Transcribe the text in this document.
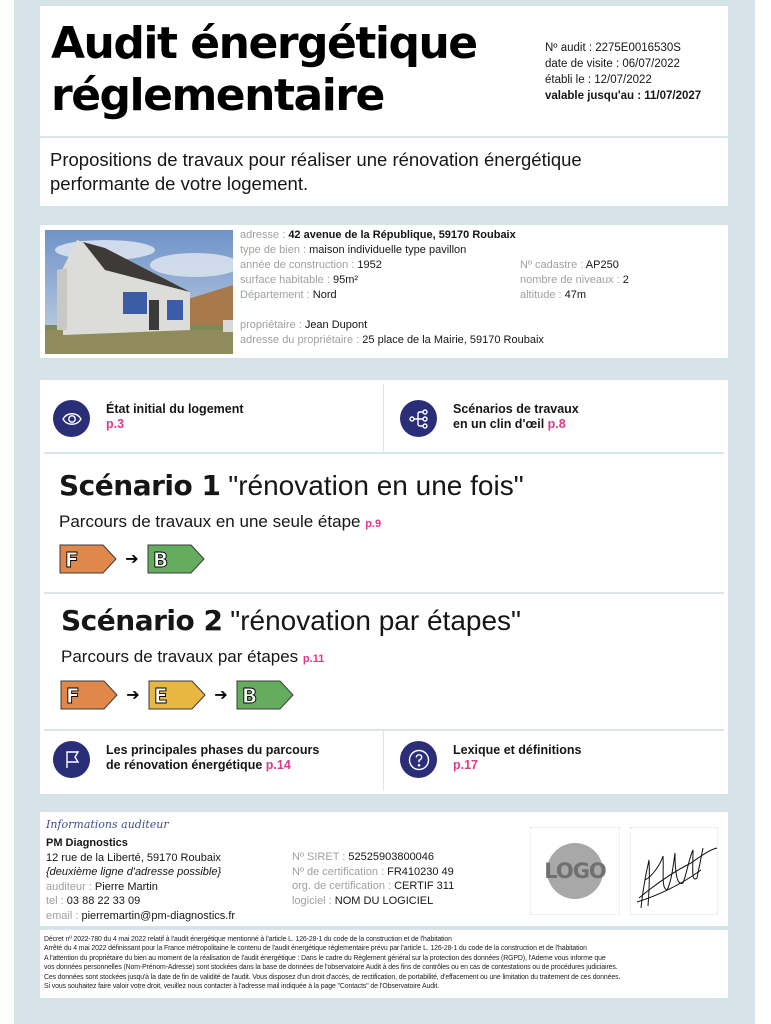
Audit énergétique
réglementaire
Nº audit : 2275E0016530S
date de visite : 06/07/2022
établi le : 12/07/2022
valable jusqu'au : 11/07/2027
Propositions de travaux pour réaliser une rénovation énergétique
performante de votre logement.
adresse : 42 avenue de la République, 59170 Roubaix
type de bien : maison individuelle type pavillon
année de construction : 1952	Nº cadastre : AP250
surface habitable : 95m²	nombre de niveaux : 2
Département : Nord	altitude : 47m
propriétaire : Jean Dupont
adresse du propriétaire : 25 place de la Mairie, 59170 Roubaix
État initial du logement
p.3
Scénarios de travaux
en un clin d'œil p.8
Scénario 1 "rénovation en une fois"
Parcours de travaux en une seule étape p.9
F	➔ B
Scénario 2 "rénovation par étapes"
Parcours de travaux par étapes p.11
F	➔ E	➔ B
Les principales phases du parcours
de rénovation énergétique p.14
Lexique et définitions
p.17
Informations auditeur
PM Diagnostics
12 rue de la Liberté, 59170 Roubaix
{deuxième ligne d'adresse possible}
auditeur : Pierre Martin
tel : 03 88 22 33 09
email : pierremartin@pm-diagnostics.fr
Nº SIRET : 52525903800046
Nº de certification : FR410230 49
org. de certification : CERTIF 311
logiciel : NOM DU LOGICIEL
LOGO
Décret nº 2022-780 du 4 mai 2022 relatif à l'audit énergétique mentionné à l'article L. 126-28-1 du code de la construction et de l'habitation
Arrêté du 4 mai 2022 définissant pour la France métropolitaine le contenu de l'audit énergétique réglementaire prévu par l'article L. 126-28-1 du code de la construction et de l'habitation
A l'attention du propriétaire du bien au moment de la réalisation de l'audit énergétique : Dans le cadre du Règlement général sur la protection des données (RGPD), l'Ademe vous informe que
vos données personnelles (Nom-Prénom-Adresse) sont stockées dans la base de données de l'observatoire Audit à des fins de contrôles ou en cas de contestations ou de procédures judiciaires.
Ces données sont stockées jusqu'à la date de fin de validité de l'audit. Vous disposez d'un droit d'accès, de rectification, de portabilité, d'effacement ou une limitation du traitement de ces données.
Si vous souhaitez faire valoir votre droit, veuillez nous contacter à l'adresse mail indiquée à la page "Contacts" de l'Observatoire Audit.
